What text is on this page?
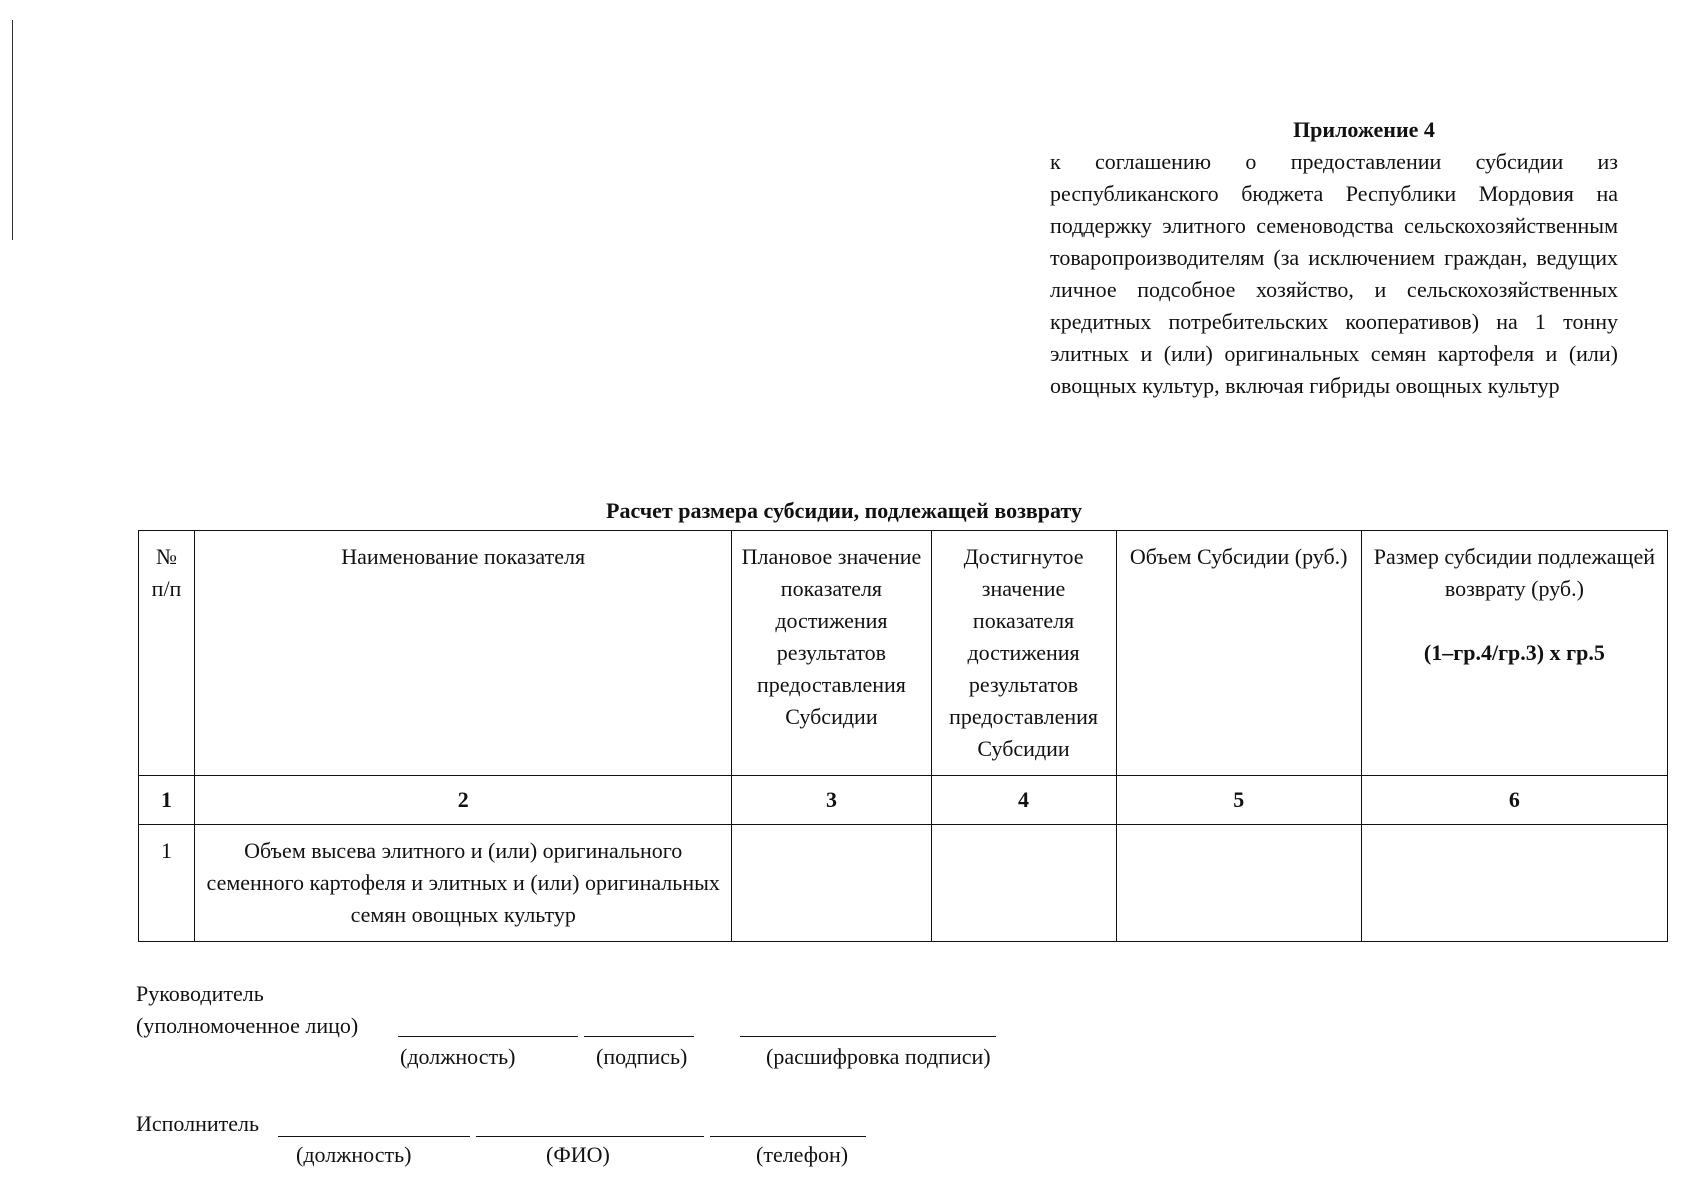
Приложение 4
к соглашению о предоставлении субсидии из республиканского бюджета Республики Мордовия на поддержку элитного семеноводства сельскохозяйственным товаропроизводителям (за исключением граждан, ведущих личное подсобное хозяйство, и сельскохозяйственных кредитных потребительских кооперативов) на 1 тонну элитных и (или) оригинальных семян картофеля и (или) овощных культур, включая гибриды овощных культур
Расчет размера субсидии, подлежащей возврату
№ п/п	Наименование показателя	Плановое значение показателя достижения результатов предоставления Субсидии	Достигнутое значение показателя достижения результатов предоставления Субсидии	Объем Субсидии (руб.)	Размер субсидии подлежащей возврату (руб.)
(1–гр.4/гр.3) x гр.5

1	2	3	4	5	6
1	Объем высева элитного и (или) оригинального семенного картофеля и элитных и (или) оригинальных семян овощных культур				
Руководитель
(уполномоченное лицо)
(должность)	(подпись)	(расшифровка подписи)
Исполнитель
(должность)	(ФИО)	(телефон)
